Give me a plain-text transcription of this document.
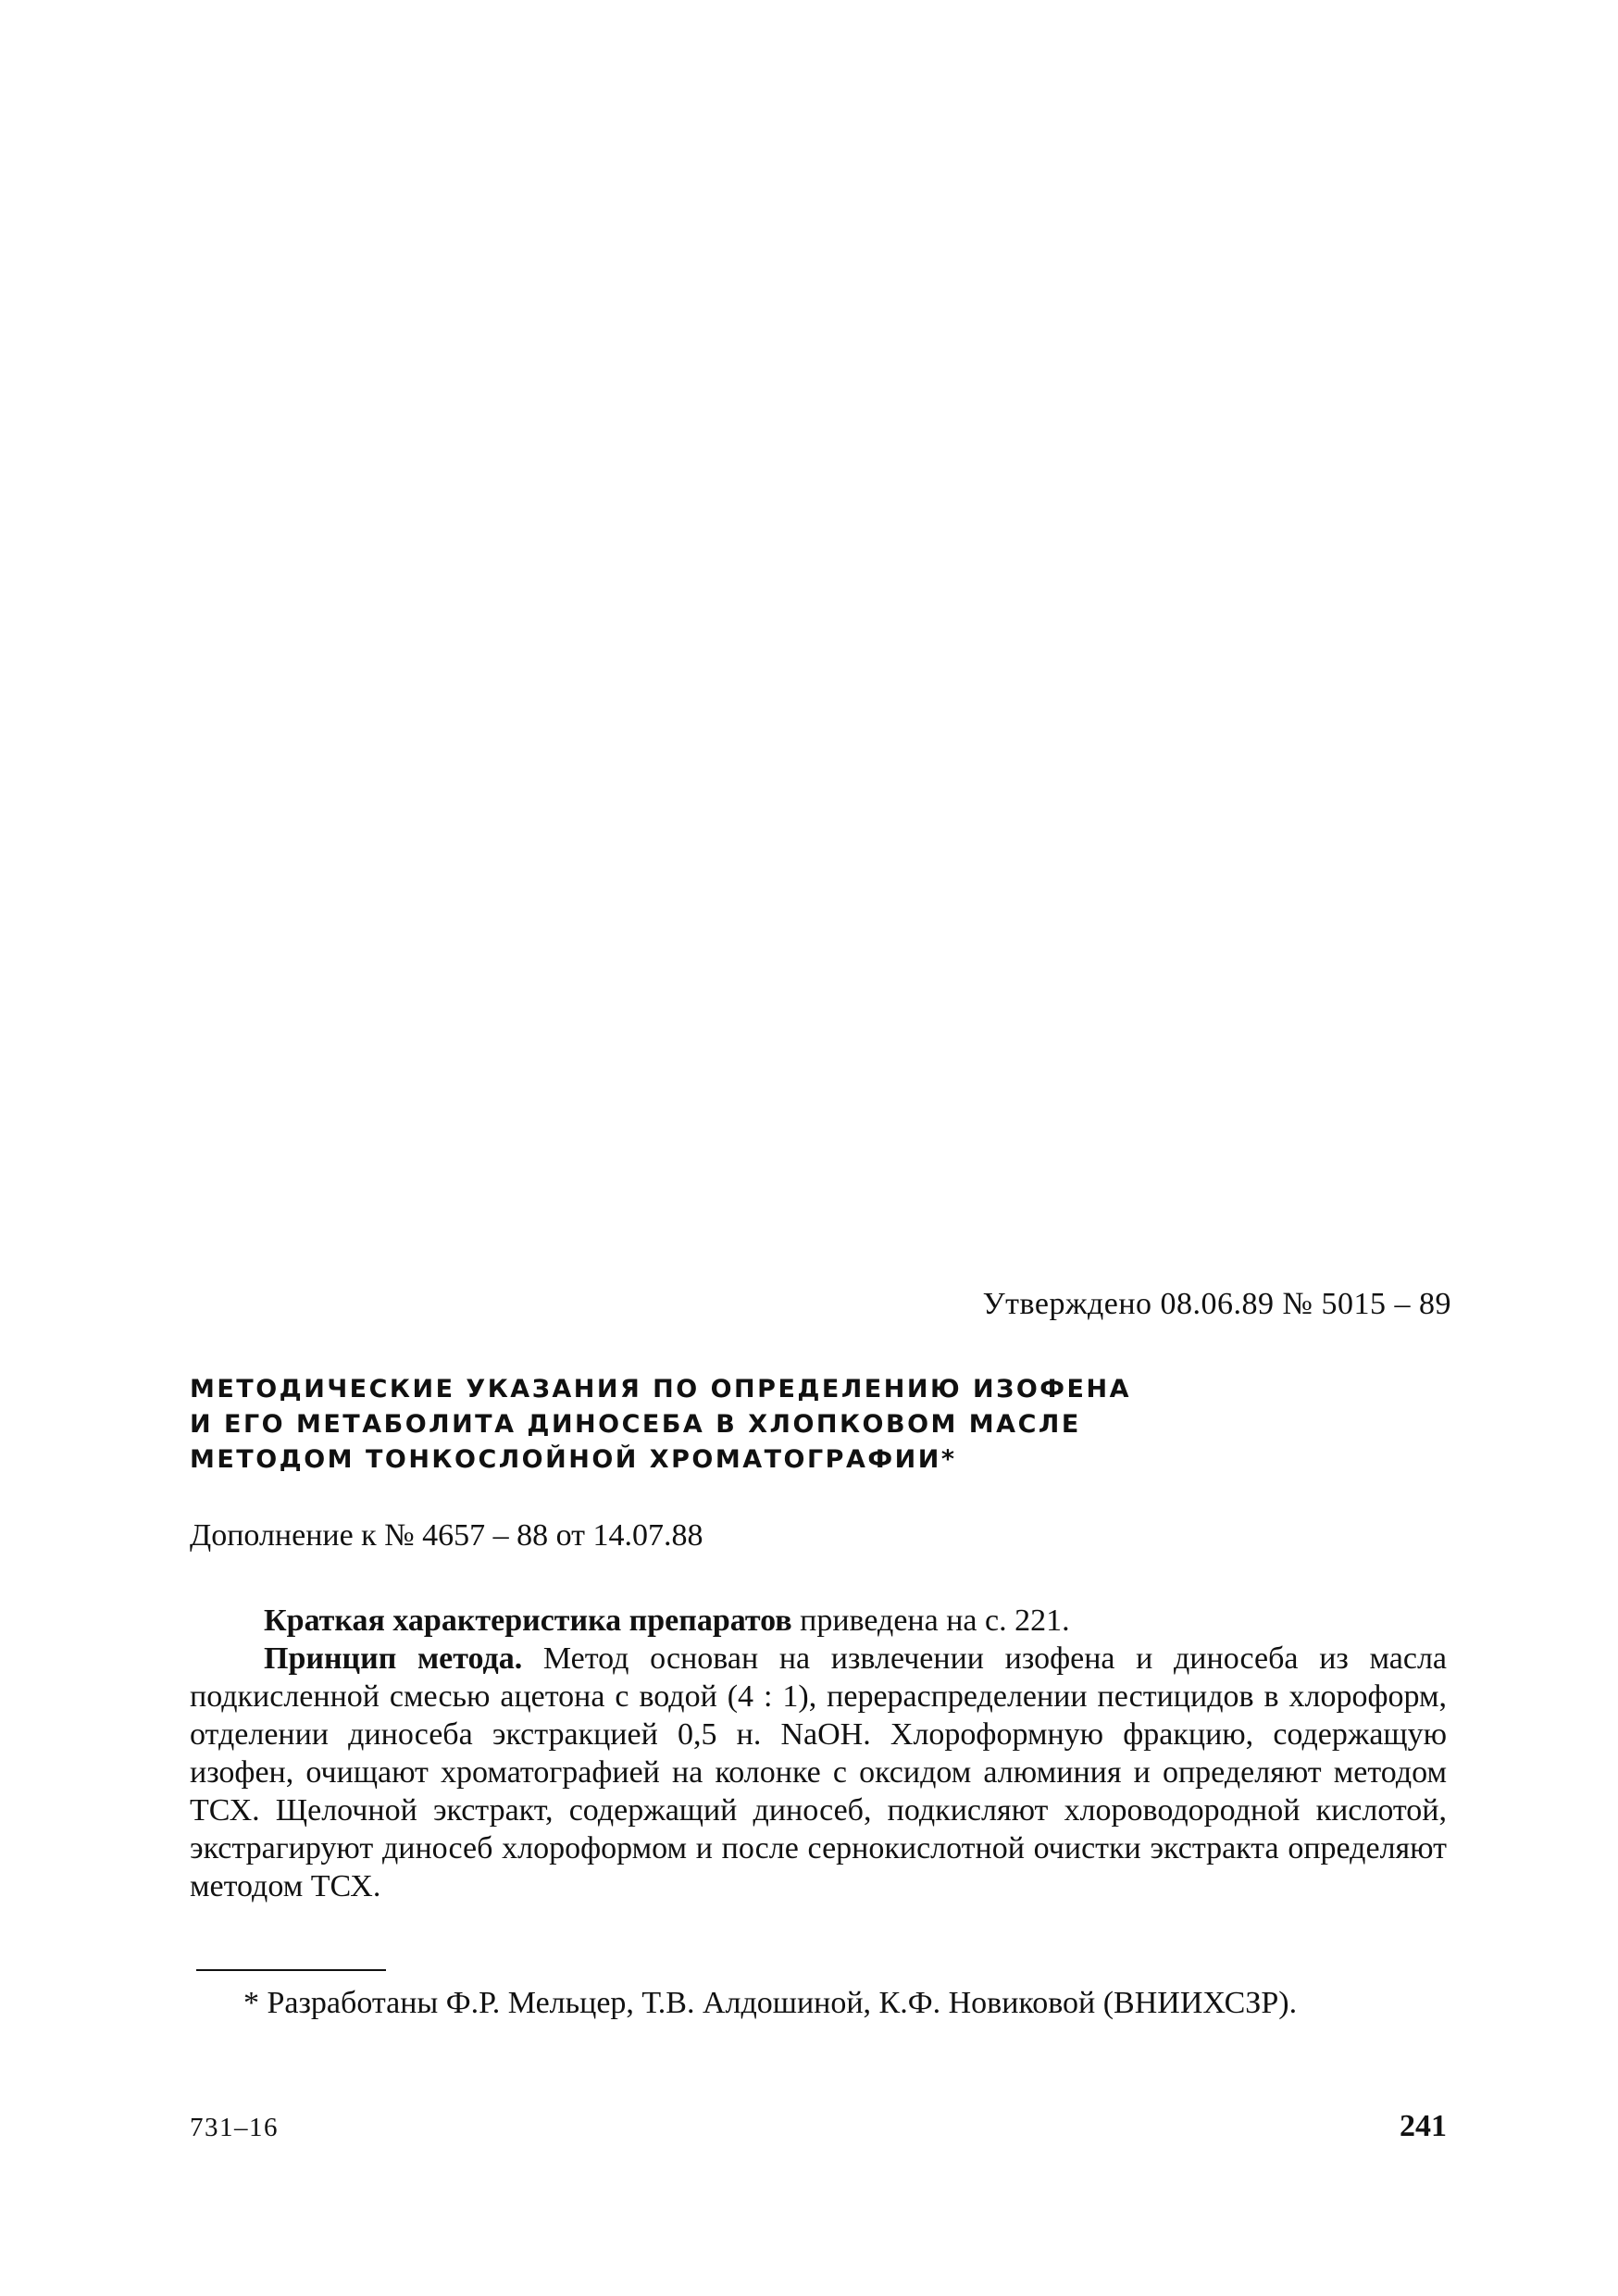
Утверждено 08.06.89 № 5015 – 89
МЕТОДИЧЕСКИЕ УКАЗАНИЯ ПО ОПРЕДЕЛЕНИЮ ИЗОФЕНА
И ЕГО МЕТАБОЛИТА ДИНОСЕБА В ХЛОПКОВОМ МАСЛЕ
МЕТОДОМ ТОНКОСЛОЙНОЙ ХРОМАТОГРАФИИ*
Дополнение к № 4657 – 88 от 14.07.88

Краткая характеристика препаратов приведена на с. 221.

Принцип метода. Метод основан на извлечении изофена и диносеба из масла подкисленной смесью ацетона с водой (4 : 1), перераспределении пестицидов в хлороформ, отделении диносеба экстракцией 0,5 н. NaOH. Хлороформную фракцию, содержащую изофен, очищают хроматографией на колонке с оксидом алюминия и определяют методом ТСХ. Щелочной экстракт, содержащий диносеб, подкисляют хлороводородной кислотой, экстрагируют диносеб хлороформом и после сернокислотной очистки экстракта определяют методом ТСХ.

* Разработаны Ф.Р. Мельцер, Т.В. Алдошиной, К.Ф. Новиковой (ВНИИХСЗР).

731–16	241
